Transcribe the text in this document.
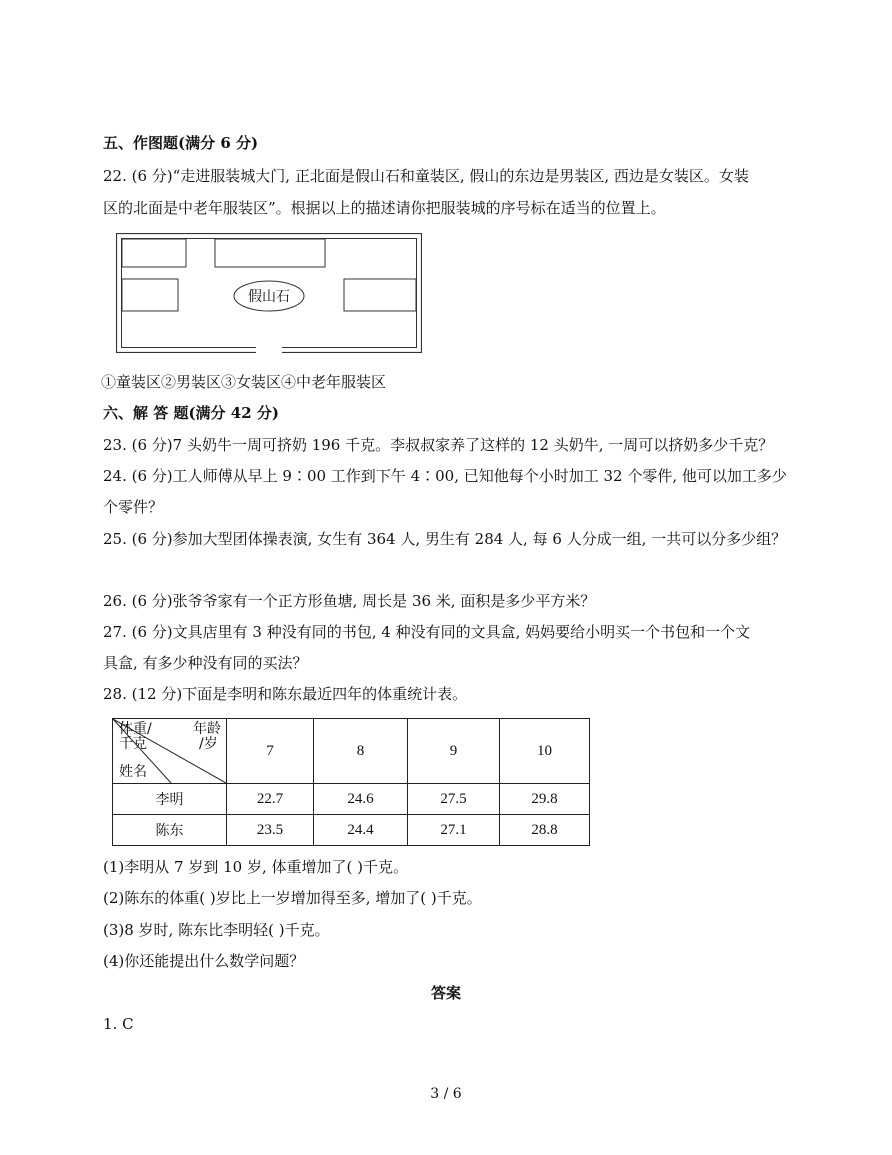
五、作图题(满分 6 分)
22. (6 分)“走进服装城大门, 正北面是假山石和童装区, 假山的东边是男装区, 西边是女装区。女装
区的北面是中老年服装区”。根据以上的描述请你把服装城的序号标在适当的位置上。
假山石
①童装区②男装区③女装区④中老年服装区
六、解 答 题(满分 42 分)
23. (6 分)7 头奶牛一周可挤奶 196 千克。李叔叔家养了这样的 12 头奶牛, 一周可以挤奶多少千克？
24. (6 分)工人师傅从早上 9∶00 工作到下午 4∶00, 已知他每个小时加工 32 个零件, 他可以加工多少
个零件？
25. (6 分)参加大型团体操表演, 女生有 364 人, 男生有 284 人, 每 6 人分成一组, 一共可以分多少组？
26. (6 分)张爷爷家有一个正方形鱼塘, 周长是 36 米, 面积是多少平方米？
27. (6 分)文具店里有 3 种没有同的书包, 4 种没有同的文具盒, 妈妈要给小明买一个书包和一个文
具盒, 有多少种没有同的买法？
28. (12 分)下面是李明和陈东最近四年的体重统计表。
体重/
千克
年龄
/岁
姓名	7	8	9	10
李明	22.7	24.6	27.5	29.8
陈东	23.5	24.4	27.1	28.8
(1)李明从 7 岁到 10 岁, 体重增加了( )千克。
(2)陈东的体重( )岁比上一岁增加得至多, 增加了( )千克。
(3)8 岁时, 陈东比李明轻( )千克。
(4)你还能提出什么数学问题？
答案
1. C
3 / 6
